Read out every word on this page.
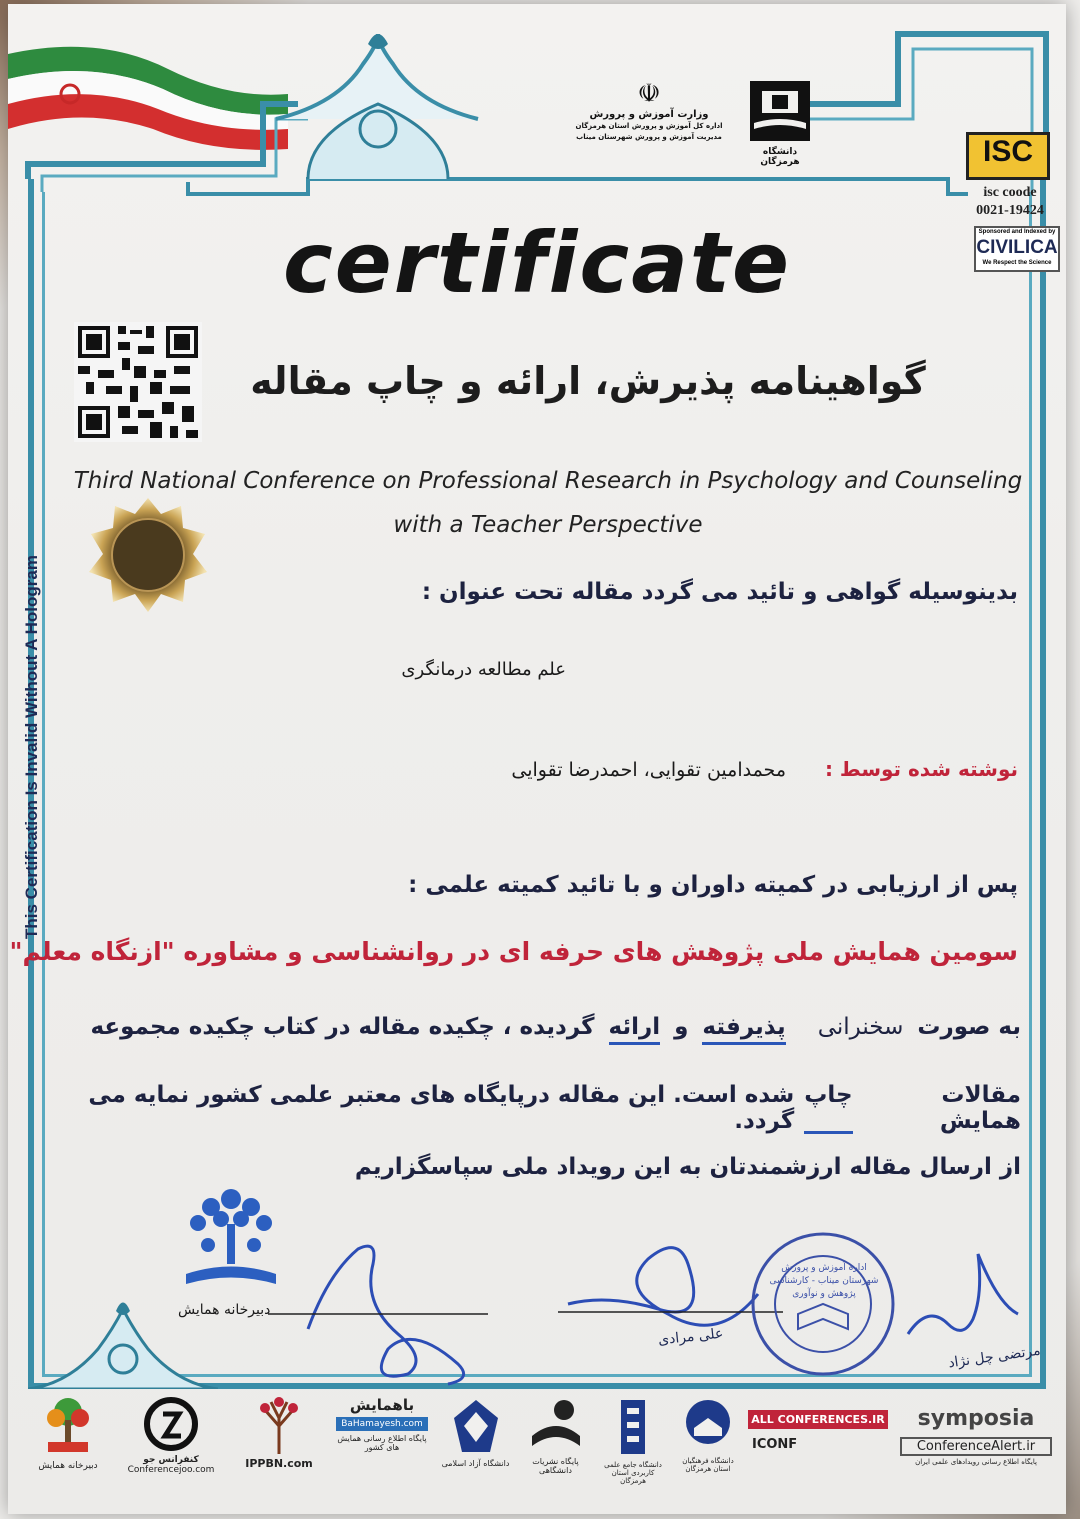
☫
وزارت آموزش و پرورش
اداره کل آموزش و پرورش استان هرمزگان
مدیریت آموزش و پرورش شهرستان میناب
دانشگاه هرمزگان	ISC
isc coode
0021-19424
Sponsored and Indexed by
CIVILICA
We Respect the Science
certificate
گواهینامه پذیرش، ارائه و چاپ مقاله
Third National Conference on Professional Research in Psychology and Counseling
with a Teacher Perspective
This Certification Is Invalid Without A Hologram	بدینوسیله گواهی و تائید می گردد مقاله تحت عنوان :
علم مطالعه درمانگری
نوشته شده توسط :
محمدامین تقوایی، احمدرضا تقوایی
پس از ارزیابی در کمیته داوران و با تائید کمیته علمی :
سومین همایش ملی پژوهش های حرفه ای در روانشناسی و مشاوره "ازنگاه معلم"
به صورت
سخنرانی
پذیرفته
و
ارائه
گردیده ، چکیده مقاله در کتاب چکیده مجموعه
مقالات همایش
چاپ
شده است. این مقاله درپایگاه های معتبر علمی کشور نمایه می گردد.
از ارسال مقاله ارزشمندتان به این رویداد ملی سپاسگزاریم
دبیرخانه همایش
علی مرادی
اداره آموزش و پرورش شهرستان میناب - کارشناسی پژوهش و نوآوری
مرتضی چل نژاد
دبیرخانه همایش
کنفرانس جو
Conferencejoo.com	IPPBN.com
باهمایش
BaHamayesh.com
پایگاه اطلاع رسانی همایش های کشور
دانشگاه آزاد اسلامی	پایگاه نشریات دانشگاهی
دانشگاه جامع علمی کاربردی استان هرمزگان
دانشگاه فرهنگیان استان هرمزگان
ALL CONFERENCES.IR
ICONF
symposia
ConferenceAlert.ir
پایگاه اطلاع رسانی رویدادهای علمی ایران
